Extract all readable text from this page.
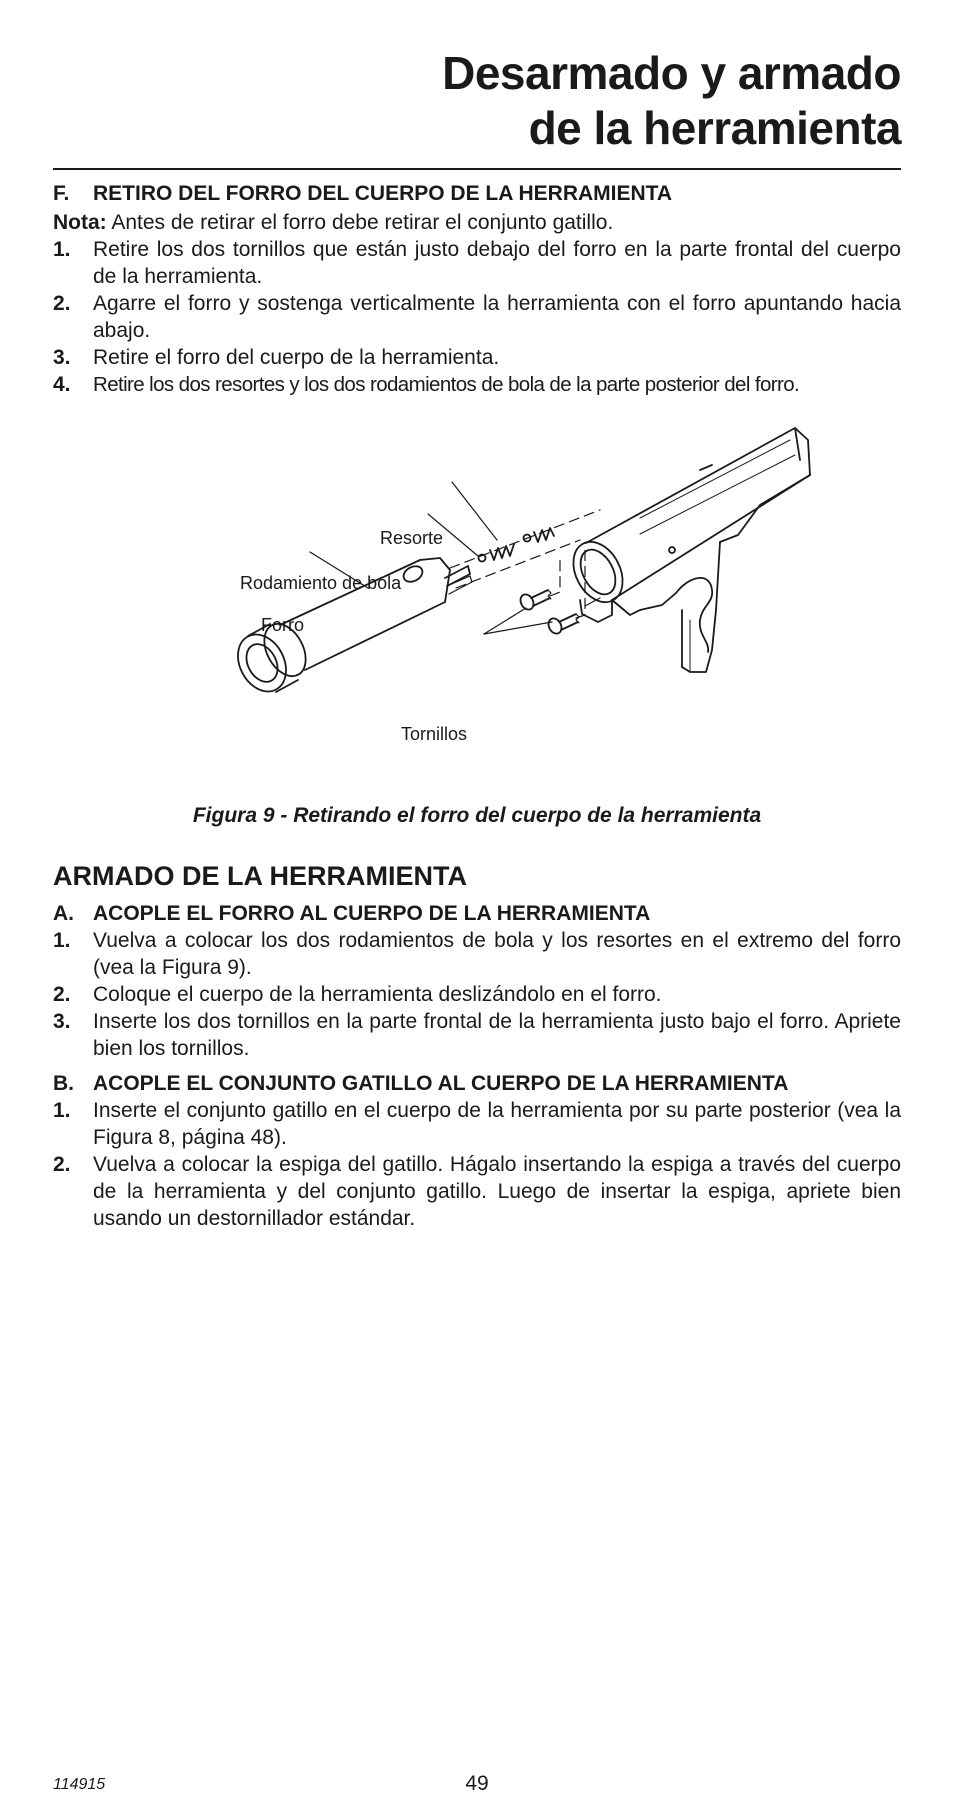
Desarmado y armado
de la herramienta
F.	RETIRO DEL FORRO DEL CUERPO DE LA HERRAMIENTA

Nota: Antes de retirar el forro debe retirar el conjunto gatillo.

1.	Retire los dos tornillos que están justo debajo del forro en la parte frontal del cuerpo de la herramienta.
2.	Agarre el forro y sostenga verticalmente la herramienta con el forro apuntando hacia abajo.
3.	Retire el forro del cuerpo de la herramienta.
4.	Retire los dos resortes y los dos rodamientos de bola de la parte posterior del forro.
Resorte
Rodamiento de bola
Forro
Tornillos
Figura 9 - Retirando el forro del cuerpo de la herramienta
ARMADO DE LA HERRAMIENTA
A. ACOPLE EL FORRO AL CUERPO DE LA HERRAMIENTA
1.	Vuelva a colocar los dos rodamientos de bola y los resortes en el extremo del forro (vea la Figura 9).
2.	Coloque el cuerpo de la herramienta deslizándolo en el forro.
3.	Inserte los dos tornillos en la parte frontal de la herramienta justo bajo el forro. Apriete bien los tornillos.
B. ACOPLE EL CONJUNTO GATILLO AL CUERPO DE LA HERRAMIENTA
1.	Inserte el conjunto gatillo en el cuerpo de la herramienta por su parte posterior (vea la Figura 8, página 48).
2.	Vuelva a colocar la espiga del gatillo. Hágalo insertando la espiga a través del cuerpo de la herramienta y del conjunto gatillo. Luego de insertar la espiga, apriete bien usando un destornillador estándar.
114915	49
